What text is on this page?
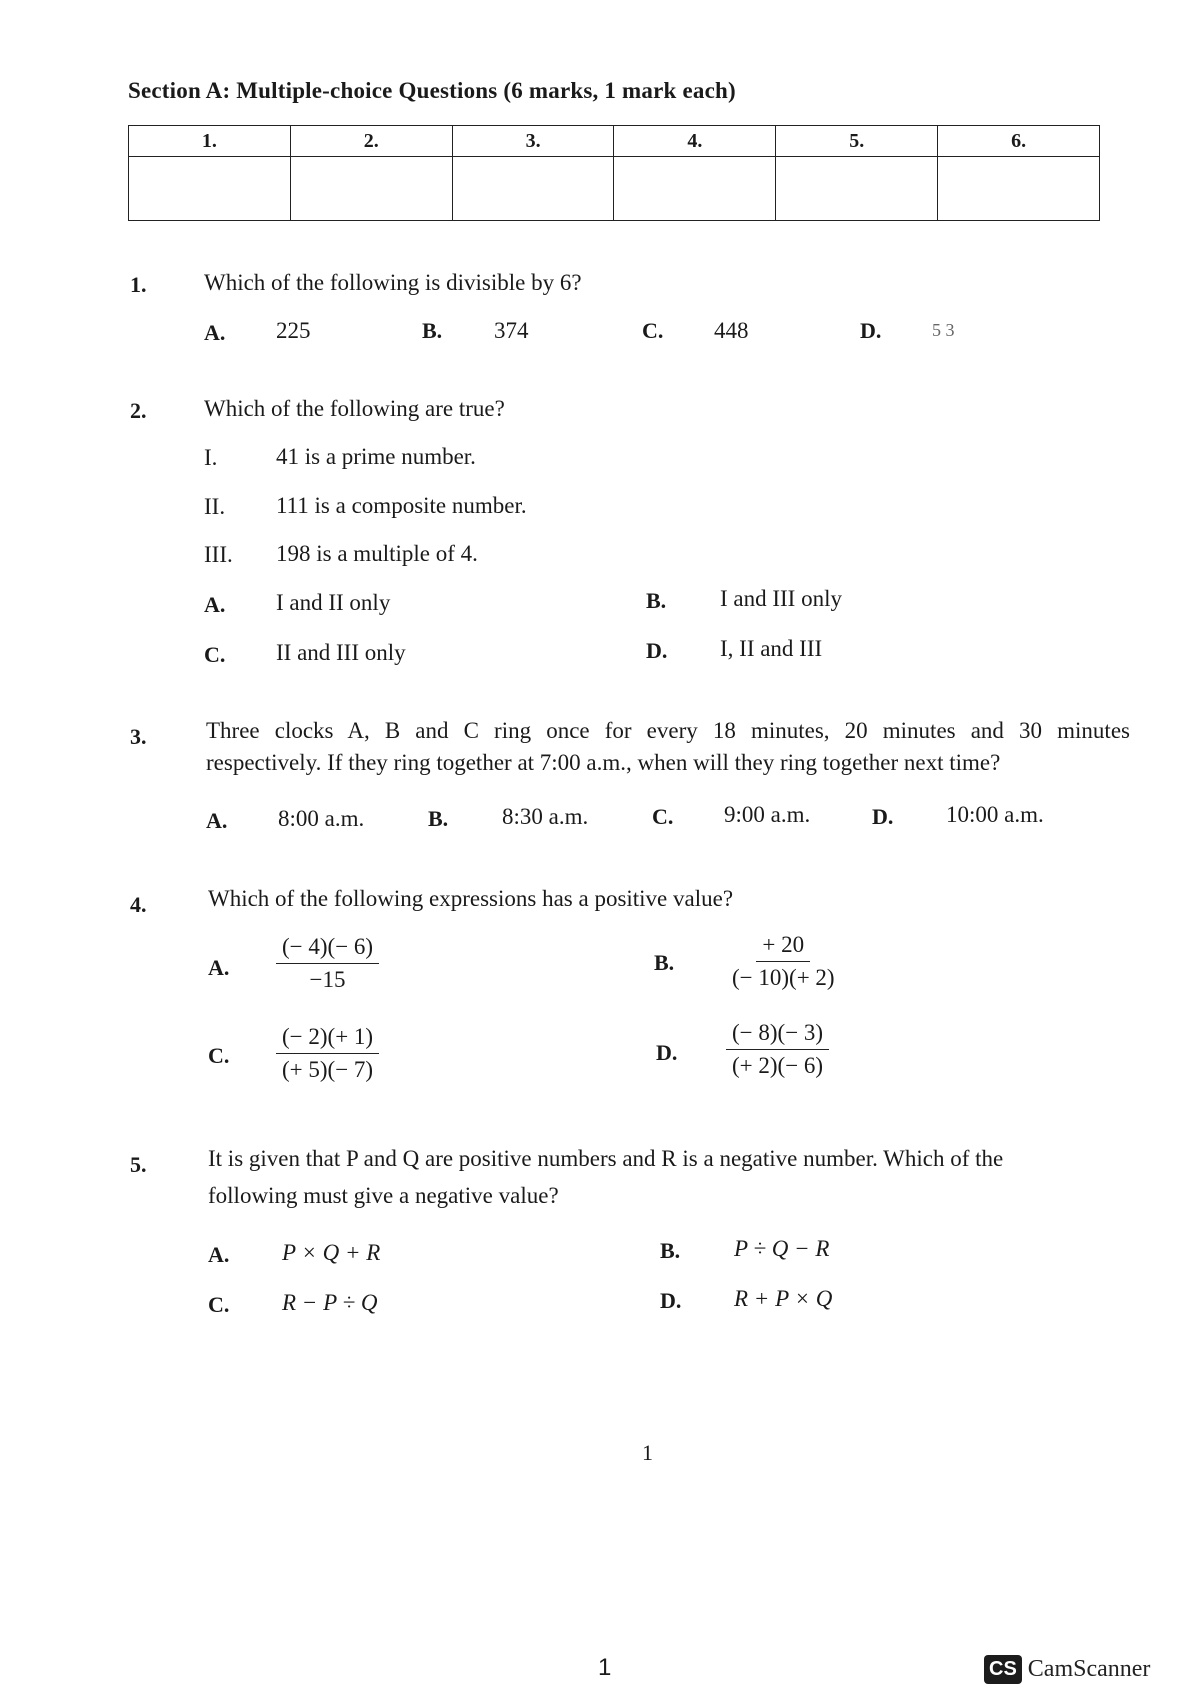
Section A: Multiple-choice Questions (6 marks, 1 mark each)
1.	2.	3.	4.	5.	6.

1.	Which of the following is divisible by 6?
A. 225	B. 374	C. 448	D.	5 3
2.	Which of the following are true?
I.	41 is a prime number.
II. 111 is a composite number.
III. 198 is a multiple of 4.
A. I and II only	B. I and III only
C. II and III only	D. I, II and III
3.	Three clocks A, B and C ring once for every 18 minutes, 20 minutes and 30 minutes
respectively. If they ring together at 7:00 a.m., when will they ring together next time?
A. 8:00 a.m.	B. 8:30 a.m.	C. 9:00 a.m.	D. 10:00 a.m.
4.	Which of the following expressions has a positive value?
A. $\frac{(- 4)(- 6)}{-15}$	B. $\frac{+ 20}{(- 10)(+ 2)}$
C. $\frac{(- 2)(+ 1)}{(+ 5)(- 7)}$	D. $\frac{(- 8)(- 3)}{(+ 2)(- 6)}$
5.	It is given that P and Q are positive numbers and R is a negative number. Which of the
following must give a negative value?
A. P × Q + R	B. P ÷ Q − R
C. R − P ÷ Q	D. R + P × Q
1
1	CS CamScanner
